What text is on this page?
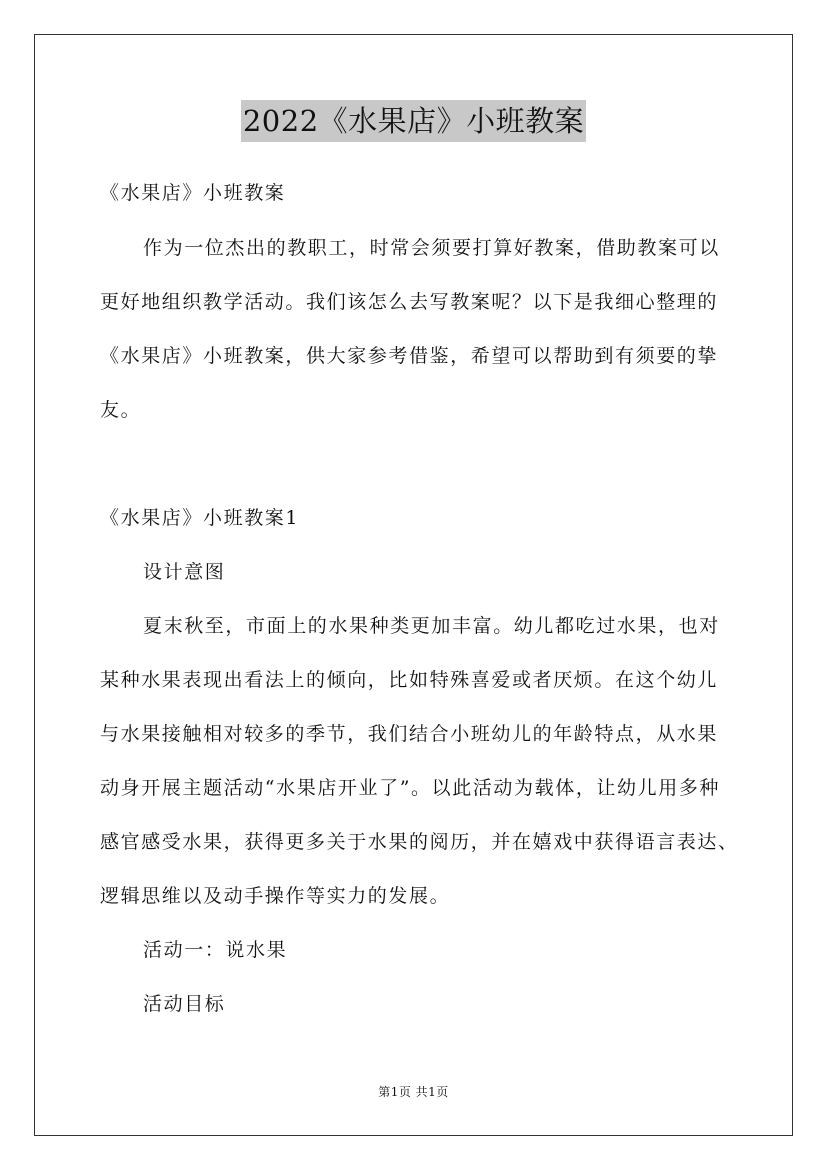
2022《水果店》小班教案
《水果店》小班教案
作为一位杰出的教职工，时常会须要打算好教案，借助教案可以
更好地组织教学活动。我们该怎么去写教案呢？以下是我细心整理的
《水果店》小班教案，供大家参考借鉴，希望可以帮助到有须要的挚
友。
《水果店》小班教案1
设计意图
夏末秋至，市面上的水果种类更加丰富。幼儿都吃过水果，也对
某种水果表现出看法上的倾向，比如特殊喜爱或者厌烦。在这个幼儿
与水果接触相对较多的季节，我们结合小班幼儿的年龄特点，从水果
动身开展主题活动“水果店开业了”。以此活动为载体，让幼儿用多种
感官感受水果，获得更多关于水果的阅历，并在嬉戏中获得语言表达、
逻辑思维以及动手操作等实力的发展。
活动一：说水果
活动目标
第1页 共1页
